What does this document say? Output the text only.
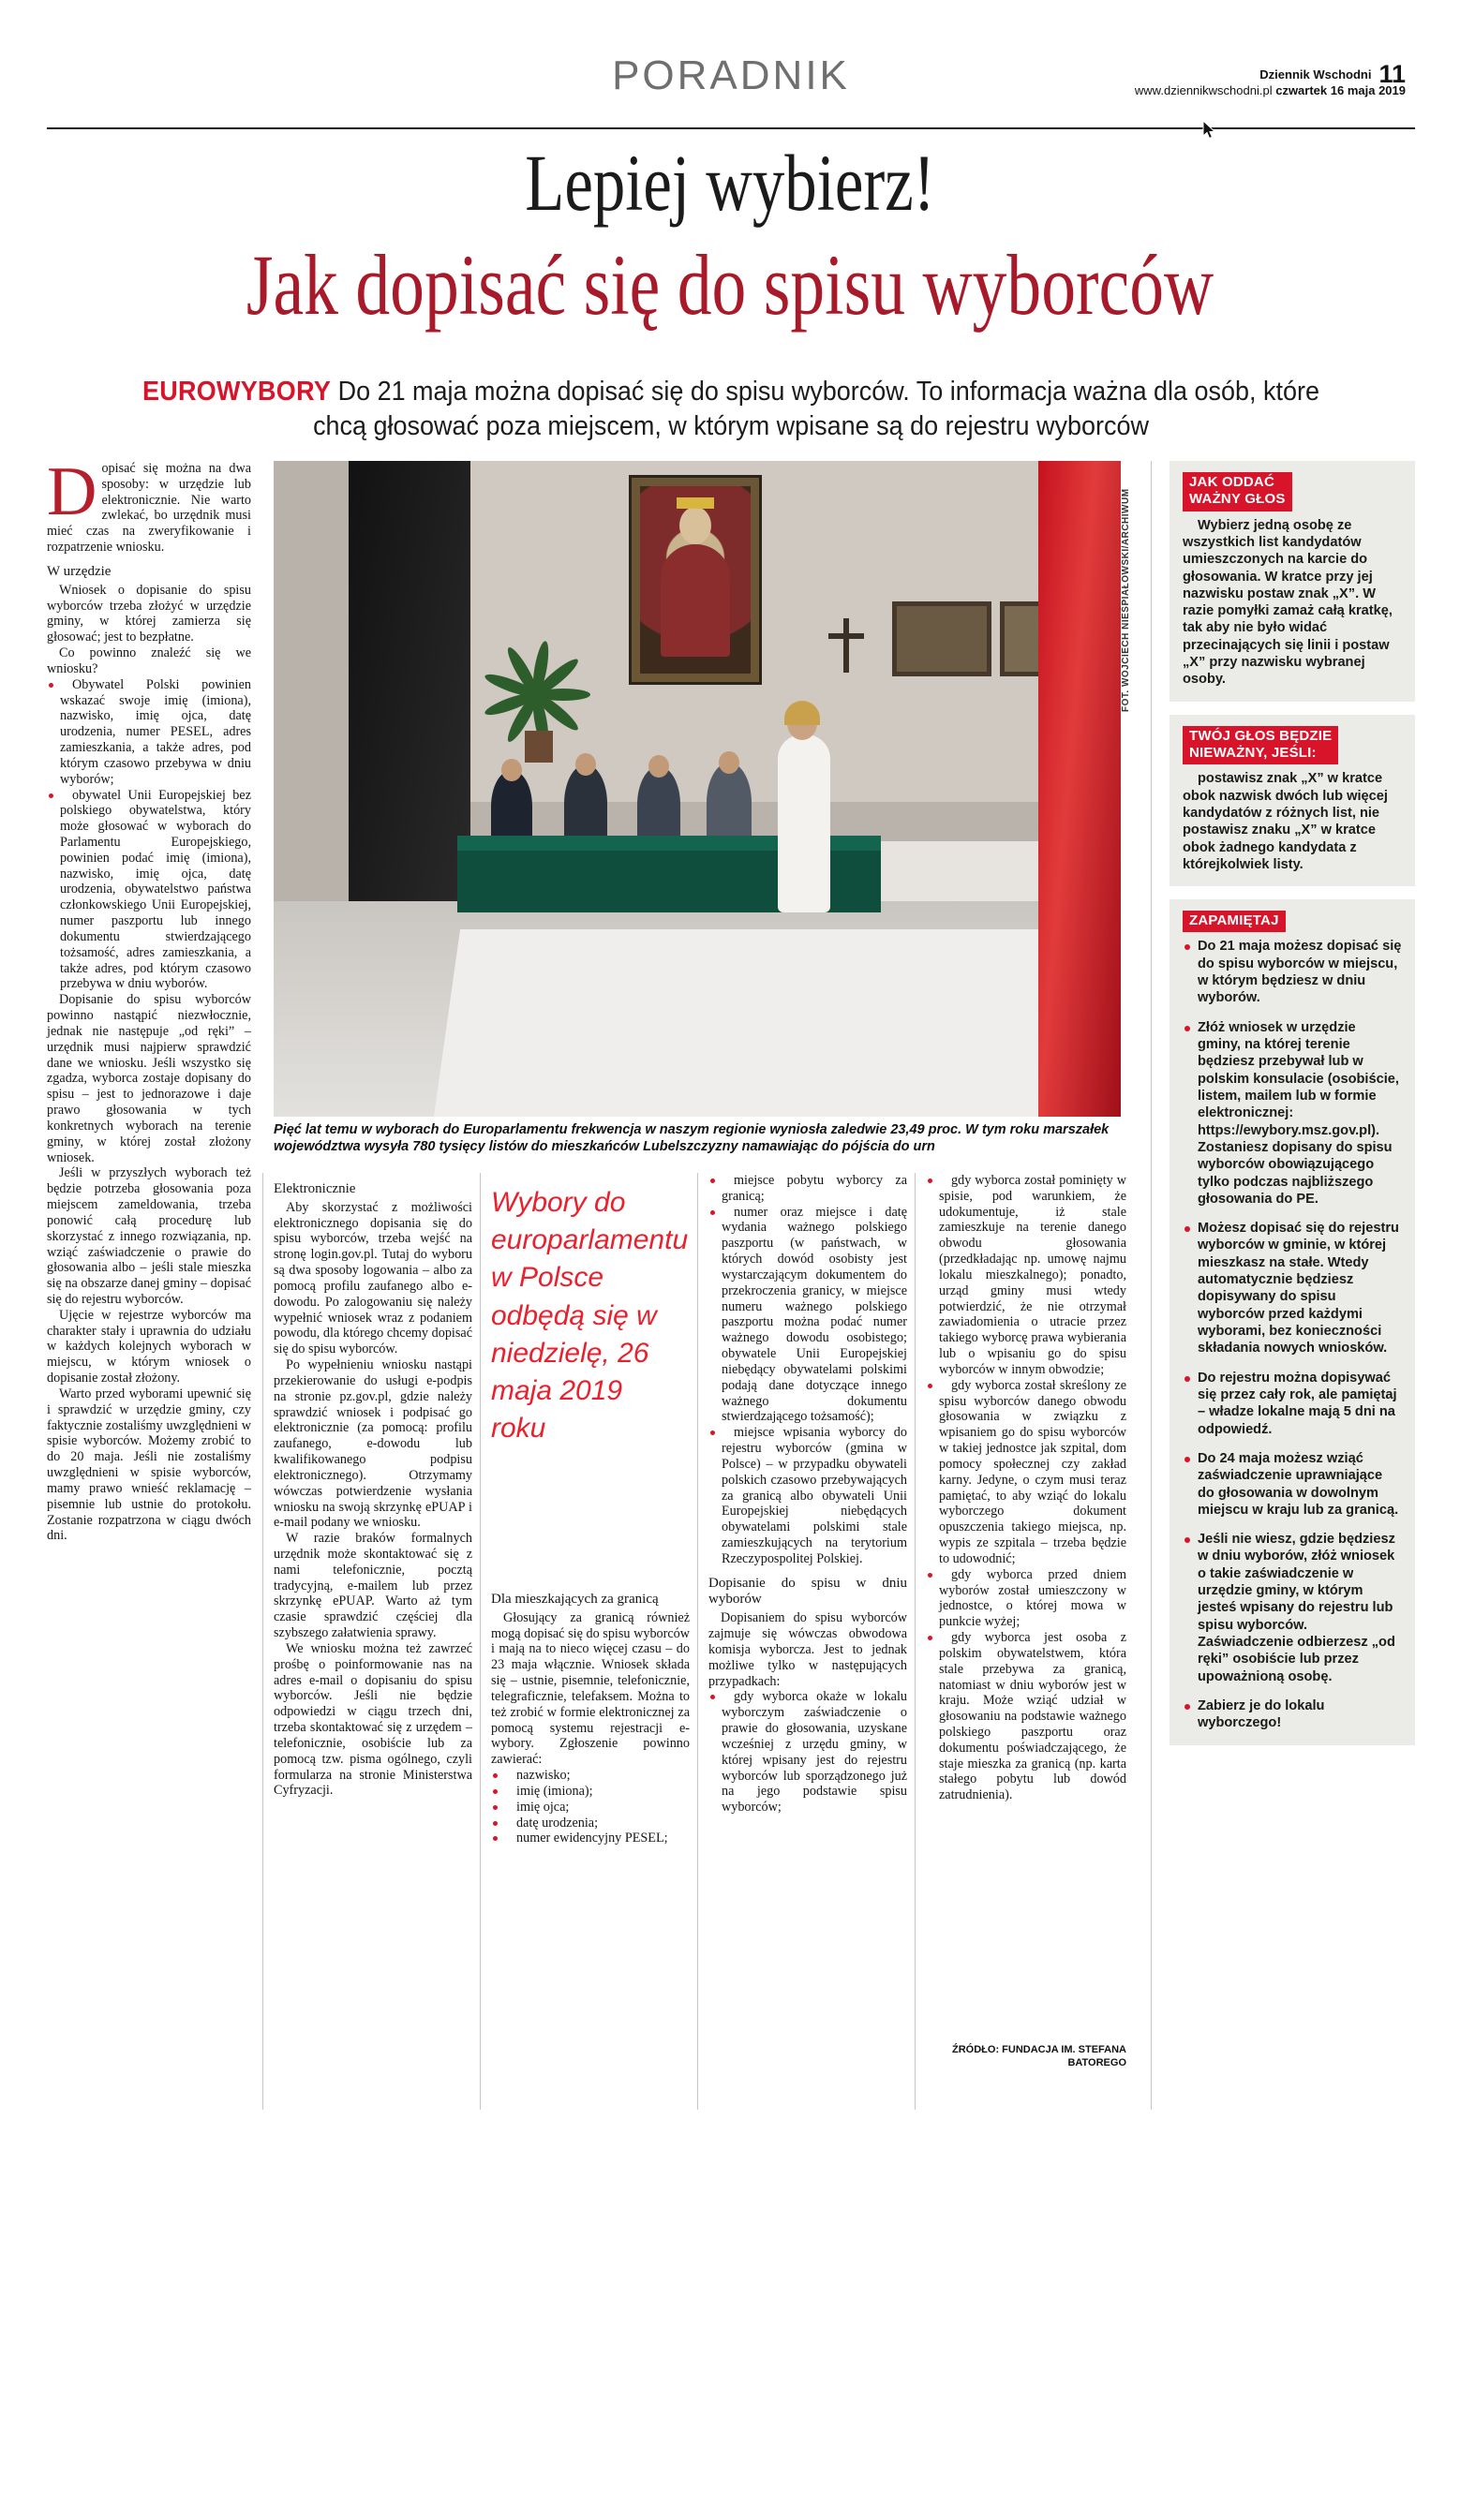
PORADNIK	Dziennik Wschodni 11
www.dziennikwschodni.pl czwartek 16 maja 2019
Lepiej wybierz!
Jak dopisać się do spisu wyborców
EUROWYBORY Do 21 maja można dopisać się do spisu wyborców. To informacja ważna dla osób, które chcą głosować poza miejscem, w którym wpisane są do rejestru wyborców
FOT. WOJCIECH NIEŚPIAŁOWSKI/ARCHIWUM
Pięć lat temu w wyborach do Europarlamentu frekwencja w naszym regionie wyniosła zaledwie 23,49 proc. W tym roku marszałek województwa wysyła 780 tysięcy listów do mieszkańców Lubelszczyzny namawiając do pójścia do urn

Dopisać się można na dwa sposoby: w urzędzie lub elektronicznie. Nie warto zwlekać, bo urzędnik musi mieć czas na zweryfikowanie i rozpatrzenie wniosku.

W urzędzie

Wniosek o dopisanie do spisu wyborców trzeba złożyć w urzędzie gminy, w której zamierza się głosować; jest to bezpłatne.

Co powinno znaleźć się we wniosku?

Obywatel Polski powinien wskazać swoje imię (imiona), nazwisko, imię ojca, datę urodzenia, numer PESEL, adres zamieszkania, a także adres, pod którym czasowo przebywa w dniu wyborów;

obywatel Unii Europejskiej bez polskiego obywatelstwa, który może głosować w wyborach do Parlamentu Europejskiego, powinien podać imię (imiona), nazwisko, imię ojca, datę urodzenia, obywatelstwo państwa członkowskiego Unii Europejskiej, numer paszportu lub innego dokumentu stwierdzającego tożsamość, adres zamieszkania, a także adres, pod którym czasowo przebywa w dniu wyborów.

Dopisanie do spisu wyborców powinno nastąpić niezwłocznie, jednak nie następuje „od ręki” – urzędnik musi najpierw sprawdzić dane we wniosku. Jeśli wszystko się zgadza, wyborca zostaje dopisany do spisu – jest to jednorazowe i daje prawo głosowania w tych konkretnych wyborach na terenie gminy, w której został złożony wniosek.

Jeśli w przyszłych wyborach też będzie potrzeba głosowania poza miejscem zameldowania, trzeba ponowić całą procedurę lub skorzystać z innego rozwiązania, np. wziąć zaświadczenie o prawie do głosowania albo – jeśli stale mieszka się na obszarze danej gminy – dopisać się do rejestru wyborców.

Ujęcie w rejestrze wyborców ma charakter stały i uprawnia do udziału w każdych kolejnych wyborach w miejscu, w którym wniosek o dopisanie został złożony.

Warto przed wyborami upewnić się i sprawdzić w urzędzie gminy, czy faktycznie zostaliśmy uwzględnieni w spisie wyborców. Możemy zrobić to do 20 maja. Jeśli nie zostaliśmy uwzględnieni w spisie wyborców, mamy prawo wnieść reklamację – pisemnie lub ustnie do protokołu. Zostanie rozpatrzona w ciągu dwóch dni.

Elektronicznie

Aby skorzystać z możliwości elektronicznego dopisania się do spisu wyborców, trzeba wejść na stronę login.gov.pl. Tutaj do wyboru są dwa sposoby logowania – albo za pomocą profilu zaufanego albo e-dowodu. Po zalogowaniu się należy wypełnić wniosek wraz z podaniem powodu, dla którego chcemy dopisać się do spisu wyborców.

Po wypełnieniu wniosku nastąpi przekierowanie do usługi e-podpis na stronie pz.gov.pl, gdzie należy sprawdzić wniosek i podpisać go elektronicznie (za pomocą: profilu zaufanego, e-dowodu lub kwalifikowanego podpisu elektronicznego). Otrzymamy wówczas potwierdzenie wysłania wniosku na swoją skrzynkę ePUAP i e-mail podany we wniosku.

W razie braków formalnych urzędnik może skontaktować się z nami telefonicznie, pocztą tradycyjną, e-mailem lub przez skrzynkę ePUAP. Warto aż tym czasie sprawdzić częściej dla szybszego załatwienia sprawy.

We wniosku można też zawrzeć prośbę o poinformowanie nas na adres e-mail o dopisaniu do spisu wyborców. Jeśli nie będzie odpowiedzi w ciągu trzech dni, trzeba skontaktować się z urzędem – telefonicznie, osobiście lub za pomocą tzw. pisma ogólnego, czyli formularza na stronie Ministerstwa Cyfryzacji.

Wybory do europarlamentu w Polsce odbędą się w niedzielę, 26 maja 2019 roku
Dla mieszkających za granicą

Głosujący za granicą również mogą dopisać się do spisu wyborców i mają na to nieco więcej czasu – do 23 maja włącznie. Wniosek składa się – ustnie, pisemnie, telefonicznie, telegraficznie, telefaksem. Można to też zrobić w formie elektronicznej za pomocą systemu rejestracji e-wybory. Zgłoszenie powinno zawierać:

nazwisko;

imię (imiona);

imię ojca;

datę urodzenia;

numer ewidencyjny PESEL;

miejsce pobytu wyborcy za granicą;

numer oraz miejsce i datę wydania ważnego polskiego paszportu (w państwach, w których dowód osobisty jest wystarczającym dokumentem do przekroczenia granicy, w miejsce numeru ważnego polskiego paszportu można podać numer ważnego dowodu osobistego; obywatele Unii Europejskiej niebędący obywatelami polskimi podają dane dotyczące innego ważnego dokumentu stwierdzającego tożsamość);

miejsce wpisania wyborcy do rejestru wyborców (gmina w Polsce) – w przypadku obywateli polskich czasowo przebywających za granicą albo obywateli Unii Europejskiej niebędących obywatelami polskimi stale zamieszkujących na terytorium Rzeczypospolitej Polskiej.

Dopisanie do spisu w dniu wyborów

Dopisaniem do spisu wyborców zajmuje się wówczas obwodowa komisja wyborcza. Jest to jednak możliwe tylko w następujących przypadkach:

gdy wyborca okaże w lokalu wyborczym zaświadczenie o prawie do głosowania, uzyskane wcześniej z urzędu gminy, w której wpisany jest do rejestru wyborców lub sporządzonego już na jego podstawie spisu wyborców;

gdy wyborca został pominięty w spisie, pod warunkiem, że udokumentuje, iż stale zamieszkuje na terenie danego obwodu głosowania (przedkładając np. umowę najmu lokalu mieszkalnego); ponadto, urząd gminy musi wtedy potwierdzić, że nie otrzymał zawiadomienia o utracie przez takiego wyborcę prawa wybierania lub o wpisaniu go do spisu wyborców w innym obwodzie;

gdy wyborca został skreślony ze spisu wyborców danego obwodu głosowania w związku z wpisaniem go do spisu wyborców w takiej jednostce jak szpital, dom pomocy społecznej czy zakład karny. Jedyne, o czym musi teraz pamiętać, to aby wziąć do lokalu wyborczego dokument opuszczenia takiego miejsca, np. wypis ze szpitala – trzeba będzie to udowodnić;

gdy wyborca przed dniem wyborów został umieszczony w jednostce, o której mowa w punkcie wyżej;

gdy wyborca jest osoba z polskim obywatelstwem, która stale przebywa za granicą, natomiast w dniu wyborów jest w kraju. Może wziąć udział w głosowaniu na podstawie ważnego polskiego paszportu oraz dokumentu poświadczającego, że staje mieszka za granicą (np. karta stałego pobytu lub dowód zatrudnienia).

ŹRÓDŁO: FUNDACJA IM. STEFANA BATOREGO
JAK ODDAĆ
WAŻNY GŁOS

Wybierz jedną osobę ze wszystkich list kandydatów umieszczonych na karcie do głosowania. W kratce przy jej nazwisku postaw znak „X”. W razie pomyłki zamaż całą kratkę, tak aby nie było widać przecinających się linii i postaw „X” przy nazwisku wybranej osoby.

TWÓJ GŁOS BĘDZIE
NIEWAŻNY, JEŚLI:

postawisz znak „X” w kratce obok nazwisk dwóch lub więcej kandydatów z różnych list, nie postawisz znaku „X” w kratce obok żadnego kandydata z którejkolwiek listy.

ZAPAMIĘTAJ
Do 21 maja możesz dopisać się do spisu wyborców w miejscu, w którym będziesz w dniu wyborów.
Złóż wniosek w urzędzie gminy, na której terenie będziesz przebywał lub w polskim konsulacie (osobiście, listem, mailem lub w formie elektronicznej: https://ewybory.msz.gov.pl). Zostaniesz dopisany do spisu wyborców obowiązującego tylko podczas najbliższego głosowania do PE.
Możesz dopisać się do rejestru wyborców w gminie, w której mieszkasz na stałe. Wtedy automatycznie będziesz dopisywany do spisu wyborców przed każdymi wyborami, bez konieczności składania nowych wniosków.
Do rejestru można dopisywać się przez cały rok, ale pamiętaj – władze lokalne mają 5 dni na odpowiedź.
Do 24 maja możesz wziąć zaświadczenie uprawniające do głosowania w dowolnym miejscu w kraju lub za granicą.
Jeśli nie wiesz, gdzie będziesz w dniu wyborów, złóż wniosek o takie zaświadczenie w urzędzie gminy, w którym jesteś wpisany do rejestru lub spisu wyborców. Zaświadczenie odbierzesz „od ręki” osobiście lub przez upoważnioną osobę.
Zabierz je do lokalu wyborczego!
